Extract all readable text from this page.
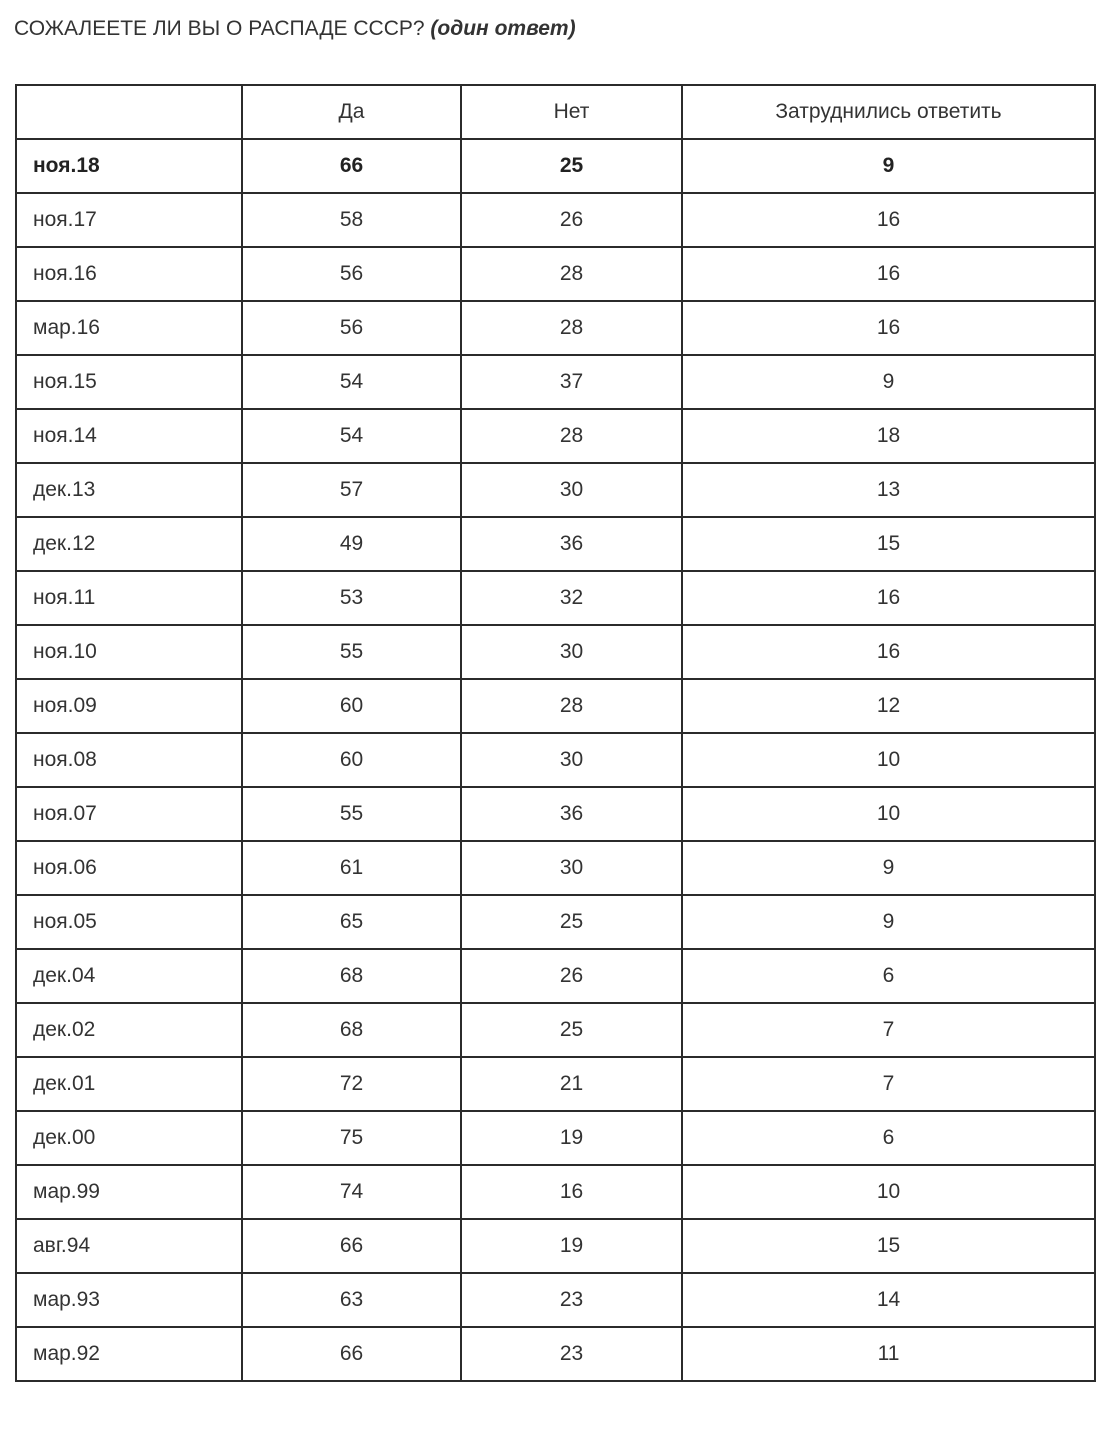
СОЖАЛЕЕТЕ ЛИ ВЫ О РАСПАДЕ СССР? (один ответ)
	Да	Нет	Затруднились ответить
ноя.18	66	25	9
ноя.17	58	26	16
ноя.16	56	28	16
мар.16	56	28	16
ноя.15	54	37	9
ноя.14	54	28	18
дек.13	57	30	13
дек.12	49	36	15
ноя.11	53	32	16
ноя.10	55	30	16
ноя.09	60	28	12
ноя.08	60	30	10
ноя.07	55	36	10
ноя.06	61	30	9
ноя.05	65	25	9
дек.04	68	26	6
дек.02	68	25	7
дек.01	72	21	7
дек.00	75	19	6
мар.99	74	16	10
авг.94	66	19	15
мар.93	63	23	14
мар.92	66	23	11
